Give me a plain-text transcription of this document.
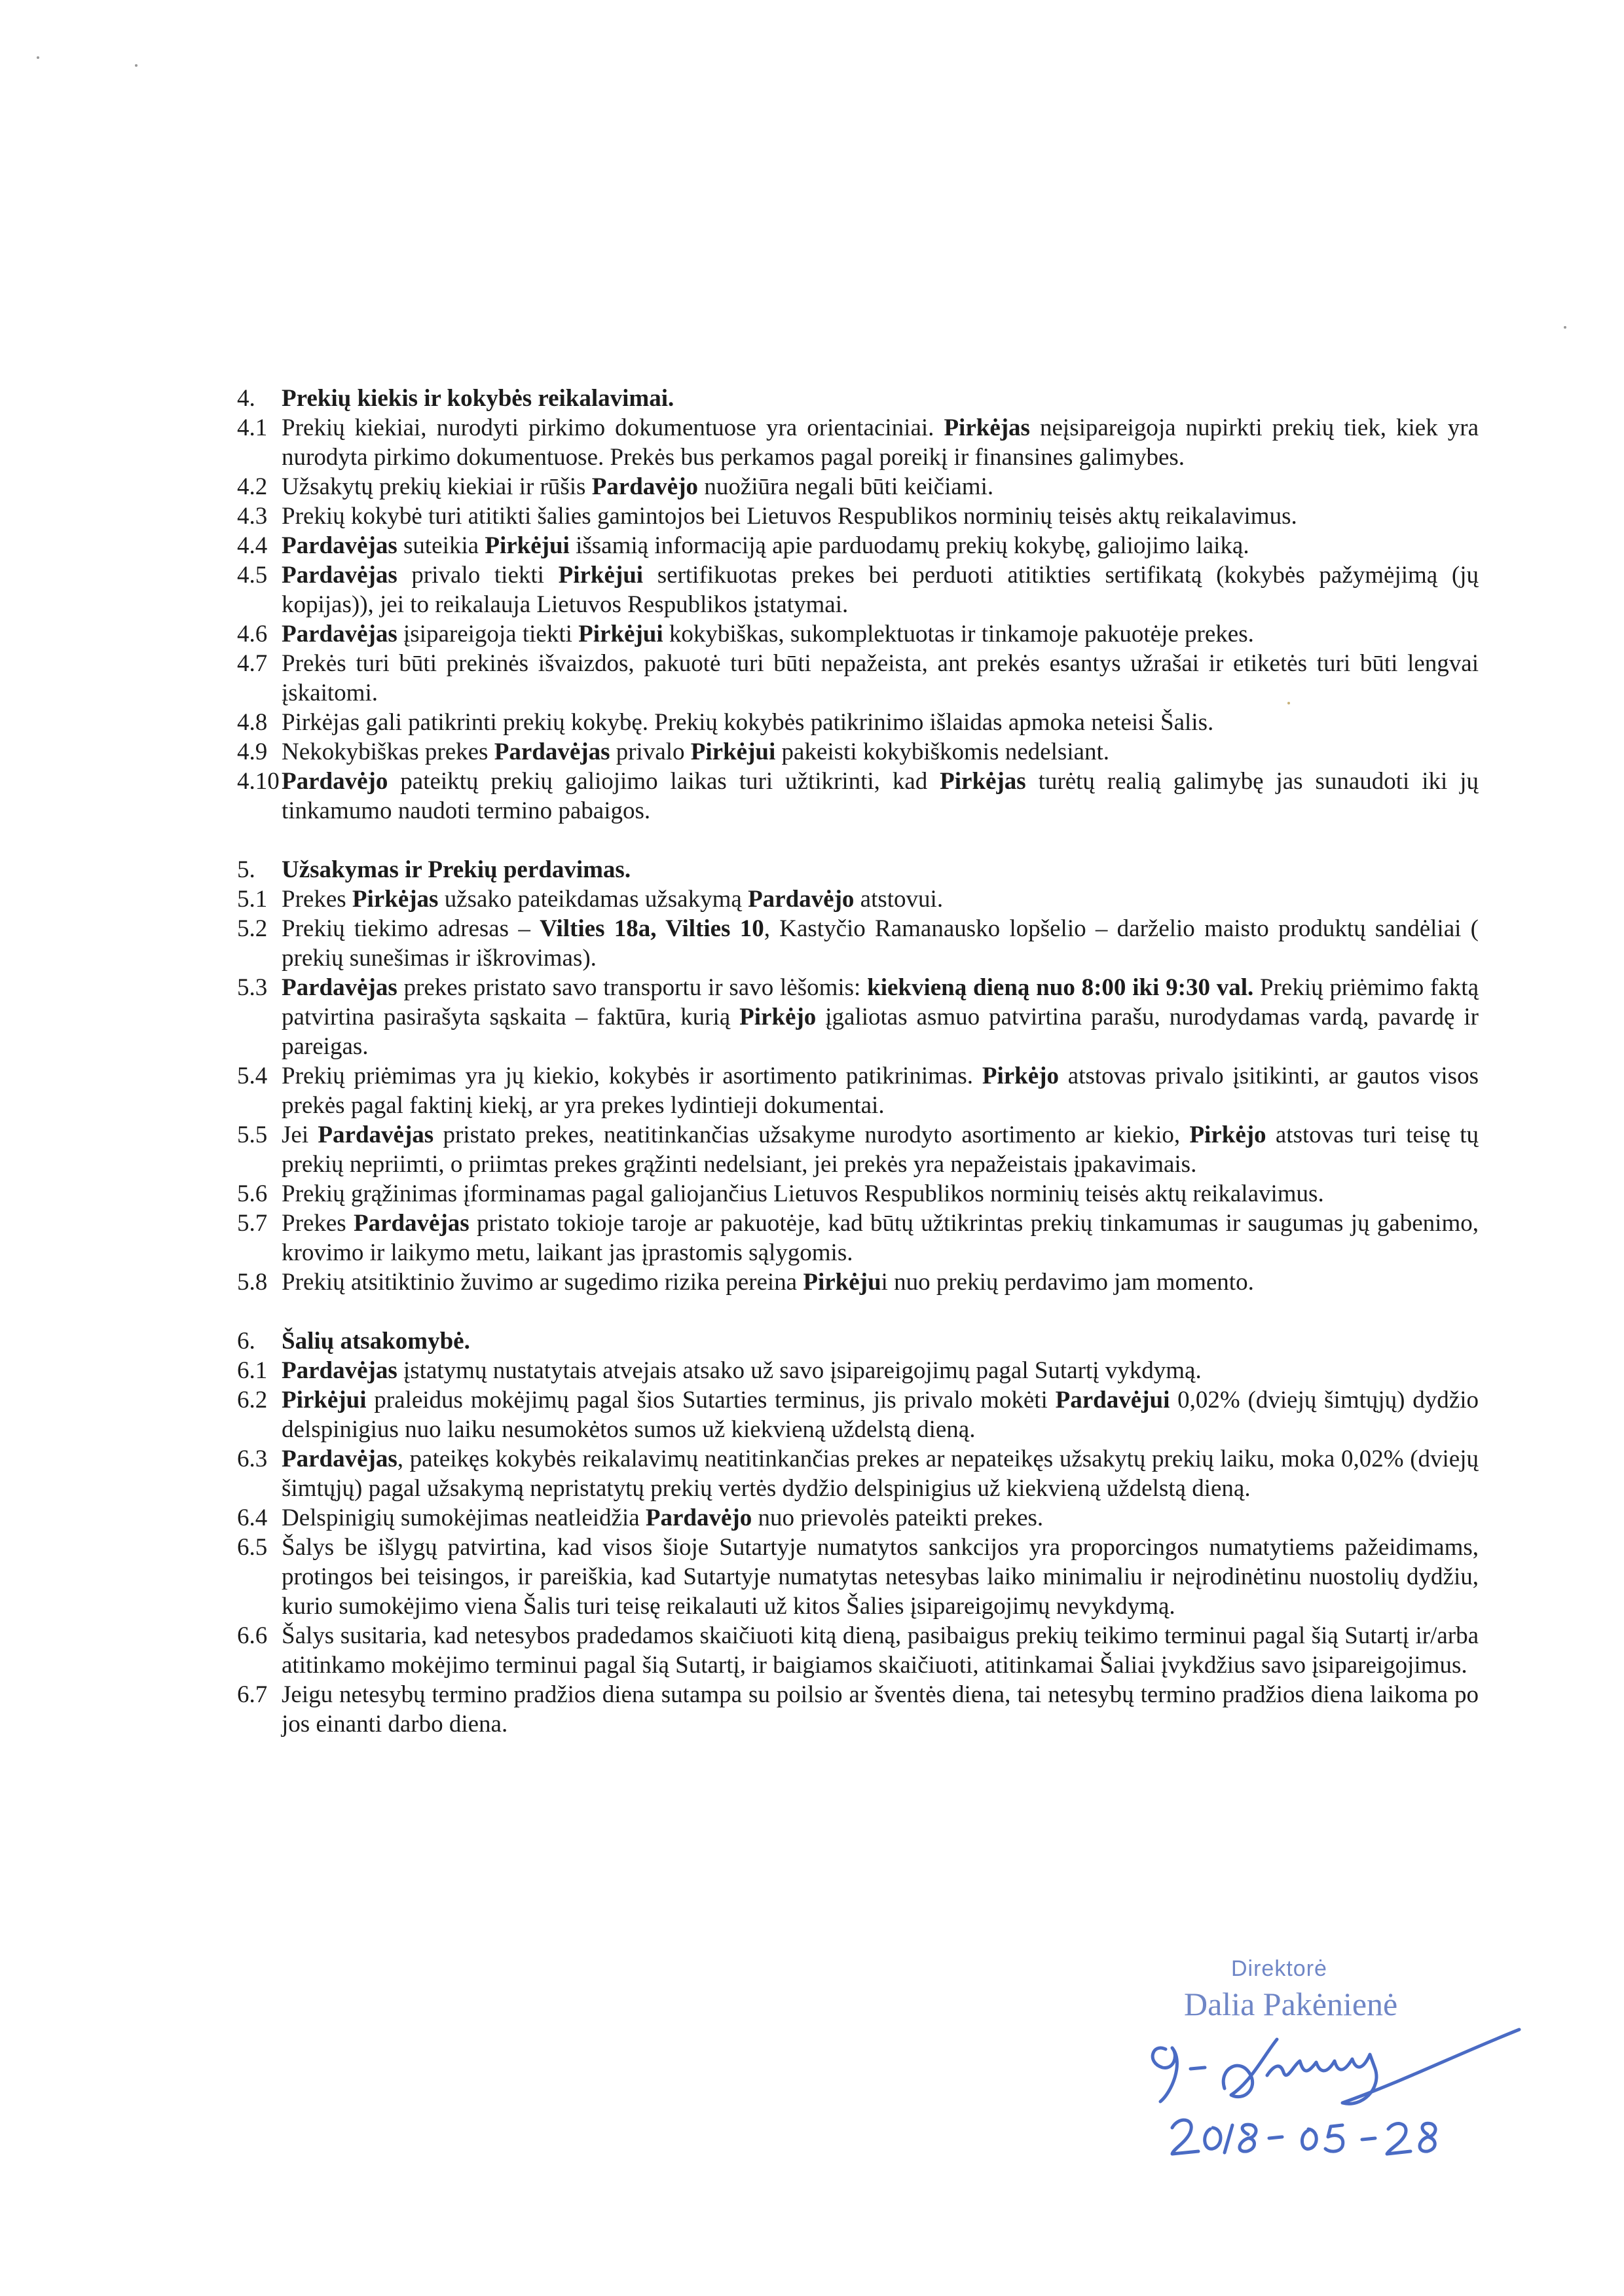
4.	Prekių kiekis ir kokybės reikalavimai.
4.1 Prekių kiekiai, nurodyti pirkimo dokumentuose yra orientaciniai. Pirkėjas neįsipareigoja nupirkti prekių tiek, kiek yra nurodyta pirkimo dokumentuose. Prekės bus perkamos pagal poreikį ir finansines galimybes.
4.2 Užsakytų prekių kiekiai ir rūšis Pardavėjo nuožiūra negali būti keičiami.
4.3 Prekių kokybė turi atitikti šalies gamintojos bei Lietuvos Respublikos norminių teisės aktų reikalavimus.
4.4 Pardavėjas suteikia Pirkėjui išsamią informaciją apie parduodamų prekių kokybę, galiojimo laiką.
4.5 Pardavėjas privalo tiekti Pirkėjui sertifikuotas prekes bei perduoti atitikties sertifikatą (kokybės pažymėjimą (jų kopijas)), jei to reikalauja Lietuvos Respublikos įstatymai.
4.6 Pardavėjas įsipareigoja tiekti Pirkėjui kokybiškas, sukomplektuotas ir tinkamoje pakuotėje prekes.
4.7 Prekės turi būti prekinės išvaizdos, pakuotė turi būti nepažeista, ant prekės esantys užrašai ir etiketės turi būti lengvai įskaitomi.
4.8 Pirkėjas gali patikrinti prekių kokybę. Prekių kokybės patikrinimo išlaidas apmoka neteisi Šalis.
4.9 Nekokybiškas prekes Pardavėjas privalo Pirkėjui pakeisti kokybiškomis nedelsiant.
4.10 Pardavėjo pateiktų prekių galiojimo laikas turi užtikrinti, kad Pirkėjas turėtų realią galimybę jas sunaudoti iki jų tinkamumo naudoti termino pabaigos.
5.	Užsakymas ir Prekių perdavimas.
5.1 Prekes Pirkėjas užsako pateikdamas užsakymą Pardavėjo atstovui.
5.2 Prekių tiekimo adresas – Vilties 18a, Vilties 10, Kastyčio Ramanausko lopšelio – darželio maisto produktų sandėliai ( prekių sunešimas ir iškrovimas).
5.3 Pardavėjas prekes pristato savo transportu ir savo lėšomis: kiekvieną dieną nuo 8:00 iki 9:30 val. Prekių priėmimo faktą patvirtina pasirašyta sąskaita – faktūra, kurią Pirkėjo įgaliotas asmuo patvirtina parašu, nurodydamas vardą, pavardę ir pareigas.
5.4 Prekių priėmimas yra jų kiekio, kokybės ir asortimento patikrinimas. Pirkėjo atstovas privalo įsitikinti, ar gautos visos prekės pagal faktinį kiekį, ar yra prekes lydintieji dokumentai.
5.5 Jei Pardavėjas pristato prekes, neatitinkančias užsakyme nurodyto asortimento ar kiekio, Pirkėjo atstovas turi teisę tų prekių nepriimti, o priimtas prekes grąžinti nedelsiant, jei prekės yra nepažeistais įpakavimais.
5.6 Prekių grąžinimas įforminamas pagal galiojančius Lietuvos Respublikos norminių teisės aktų reikalavimus.
5.7 Prekes Pardavėjas pristato tokioje taroje ar pakuotėje, kad būtų užtikrintas prekių tinkamumas ir saugumas jų gabenimo, krovimo ir laikymo metu, laikant jas įprastomis sąlygomis.
5.8 Prekių atsitiktinio žuvimo ar sugedimo rizika pereina Pirkėjui nuo prekių perdavimo jam momento.
6.	Šalių atsakomybė.
6.1 Pardavėjas įstatymų nustatytais atvejais atsako už savo įsipareigojimų pagal Sutartį vykdymą.
6.2 Pirkėjui praleidus mokėjimų pagal šios Sutarties terminus, jis privalo mokėti Pardavėjui 0,02% (dviejų šimtųjų) dydžio delspinigius nuo laiku nesumokėtos sumos už kiekvieną uždelstą dieną.
6.3 Pardavėjas, pateikęs kokybės reikalavimų neatitinkančias prekes ar nepateikęs užsakytų prekių laiku, moka 0,02% (dviejų šimtųjų) pagal užsakymą nepristatytų prekių vertės dydžio delspinigius už kiekvieną uždelstą dieną.
6.4 Delspinigių sumokėjimas neatleidžia Pardavėjo nuo prievolės pateikti prekes.
6.5 Šalys be išlygų patvirtina, kad visos šioje Sutartyje numatytos sankcijos yra proporcingos numatytiems pažeidimams, protingos bei teisingos, ir pareiškia, kad Sutartyje numatytas netesybas laiko minimaliu ir neįrodinėtinu nuostolių dydžiu, kurio sumokėjimo viena Šalis turi teisę reikalauti už kitos Šalies įsipareigojimų nevykdymą.
6.6 Šalys susitaria, kad netesybos pradedamos skaičiuoti kitą dieną, pasibaigus prekių teikimo terminui pagal šią Sutartį ir/arba atitinkamo mokėjimo terminui pagal šią Sutartį, ir baigiamos skaičiuoti, atitinkamai Šaliai įvykdžius savo įsipareigojimus.
6.7 Jeigu netesybų termino pradžios diena sutampa su poilsio ar šventės diena, tai netesybų termino pradžios diena laikoma po jos einanti darbo diena.
Direktorė
Dalia Pakėnienė
